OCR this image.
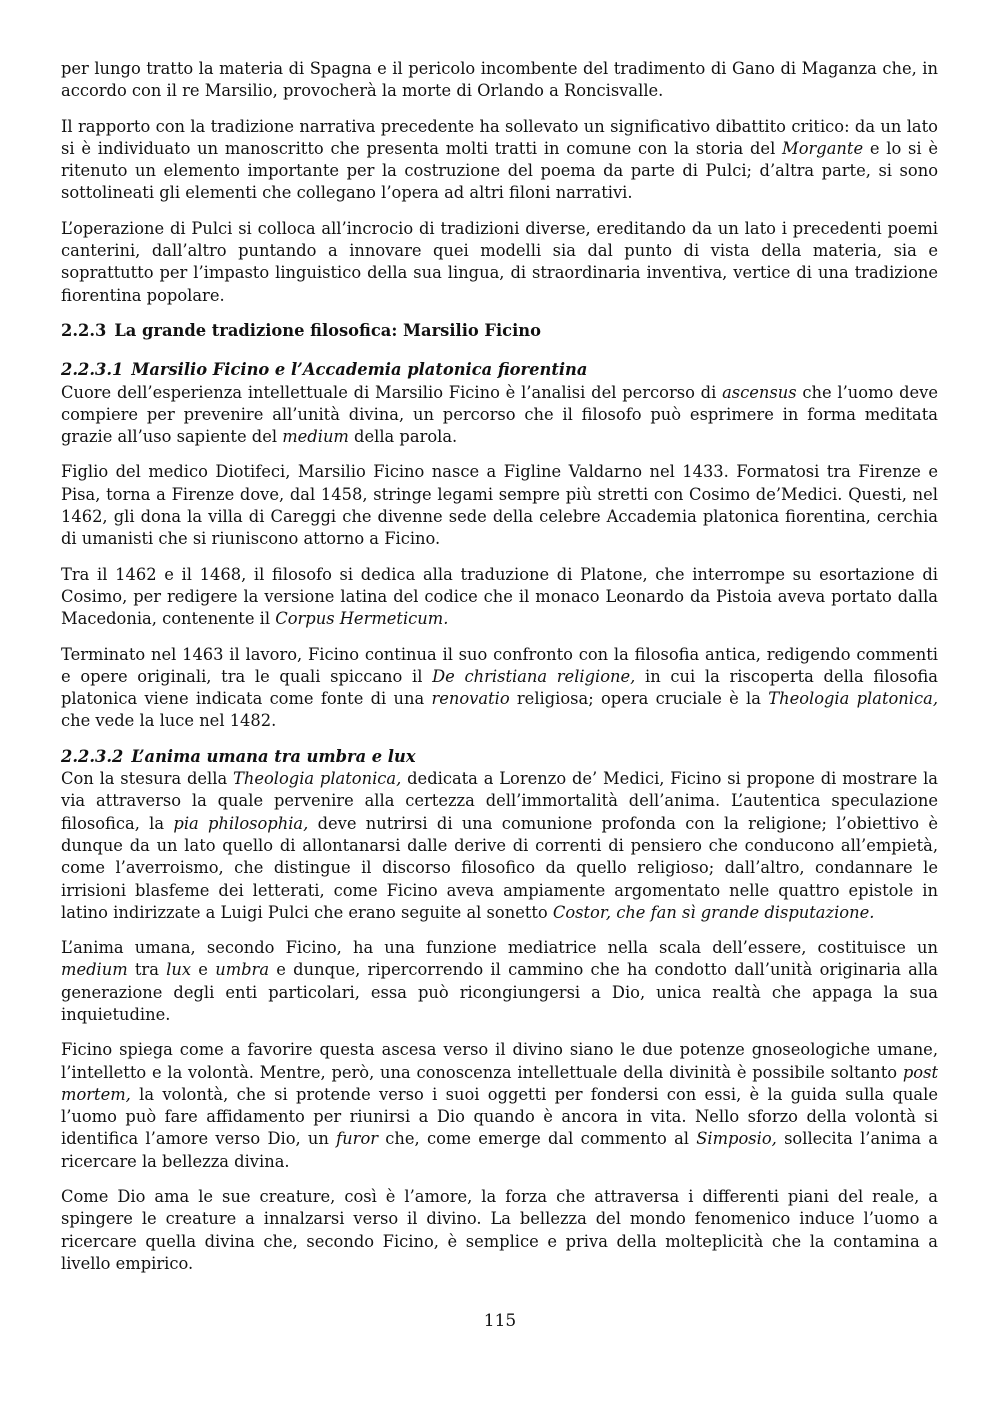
per lungo tratto la materia di Spagna e il pericolo incombente del tradimento di Gano di Maganza che, in accordo con il re Marsilio, provocherà la morte di Orlando a Roncisvalle.

Il rapporto con la tradizione narrativa precedente ha sollevato un significativo dibattito critico: da un lato si è individuato un manoscritto che presenta molti tratti in comune con la storia del Morgante e lo si è ritenuto un elemento importante per la costruzione del poema da parte di Pulci; d’altra parte, si sono sottolineati gli elementi che collegano l’opera ad altri filoni narrativi.

L’operazione di Pulci si colloca all’incrocio di tradizioni diverse, ereditando da un lato i precedenti poemi canterini, dall’altro puntando a innovare quei modelli sia dal punto di vista della materia, sia e soprattutto per l’impasto linguistico della sua lingua, di straordinaria inventiva, vertice di una tradizione fiorentina popolare.

2.2.3 La grande tradizione filosofica: Marsilio Ficino
2.2.3.1 Marsilio Ficino e l’Accademia platonica fiorentina

Cuore dell’esperienza intellettuale di Marsilio Ficino è l’analisi del percorso di ascensus che l’uomo deve compiere per prevenire all’unità divina, un percorso che il filosofo può esprimere in forma meditata grazie all’uso sapiente del medium della parola.

Figlio del medico Diotifeci, Marsilio Ficino nasce a Figline Valdarno nel 1433. Formatosi tra Firenze e Pisa, torna a Firenze dove, dal 1458, stringe legami sempre più stretti con Cosimo de’Medici. Questi, nel 1462, gli dona la villa di Careggi che divenne sede della celebre Accademia platonica fiorentina, cerchia di umanisti che si riuniscono attorno a Ficino.

Tra il 1462 e il 1468, il filosofo si dedica alla traduzione di Platone, che interrompe su esortazione di Cosimo, per redigere la versione latina del codice che il monaco Leonardo da Pistoia aveva portato dalla Macedonia, contenente il Corpus Hermeticum.

Terminato nel 1463 il lavoro, Ficino continua il suo confronto con la filosofia antica, redigendo commenti e opere originali, tra le quali spiccano il De christiana religione, in cui la riscoperta della filosofia platonica viene indicata come fonte di una renovatio religiosa; opera cruciale è la Theologia platonica, che vede la luce nel 1482.

2.2.3.2 L’anima umana tra umbra e lux

Con la stesura della Theologia platonica, dedicata a Lorenzo de’ Medici, Ficino si propone di mostrare la via attraverso la quale pervenire alla certezza dell’immortalità dell’anima. L’autentica speculazione filosofica, la pia philosophia, deve nutrirsi di una comunione profonda con la religione; l’obiettivo è dunque da un lato quello di allontanarsi dalle derive di correnti di pensiero che conducono all’empietà, come l’averroismo, che distingue il discorso filosofico da quello religioso; dall’altro, condannare le irrisioni blasfeme dei letterati, come Ficino aveva ampiamente argomentato nelle quattro epistole in latino indirizzate a Luigi Pulci che erano seguite al sonetto Costor, che fan sì grande disputazione.

L’anima umana, secondo Ficino, ha una funzione mediatrice nella scala dell’essere, costituisce un medium tra lux e umbra e dunque, ripercorrendo il cammino che ha condotto dall’unità originaria alla generazione degli enti particolari, essa può ricongiungersi a Dio, unica realtà che appaga la sua inquietudine.

Ficino spiega come a favorire questa ascesa verso il divino siano le due potenze gnoseologiche umane, l’intelletto e la volontà. Mentre, però, una conoscenza intellettuale della divinità è possibile soltanto post mortem, la volontà, che si protende verso i suoi oggetti per fondersi con essi, è la guida sulla quale l’uomo può fare affidamento per riunirsi a Dio quando è ancora in vita. Nello sforzo della volontà si identifica l’amore verso Dio, un furor che, come emerge dal commento al Simposio, sollecita l’anima a ricercare la bellezza divina.

Come Dio ama le sue creature, così è l’amore, la forza che attraversa i differenti piani del reale, a spingere le creature a innalzarsi verso il divino. La bellezza del mondo fenomenico induce l’uomo a ricercare quella divina che, secondo Ficino, è semplice e priva della molteplicità che la contamina a livello empirico.

115
